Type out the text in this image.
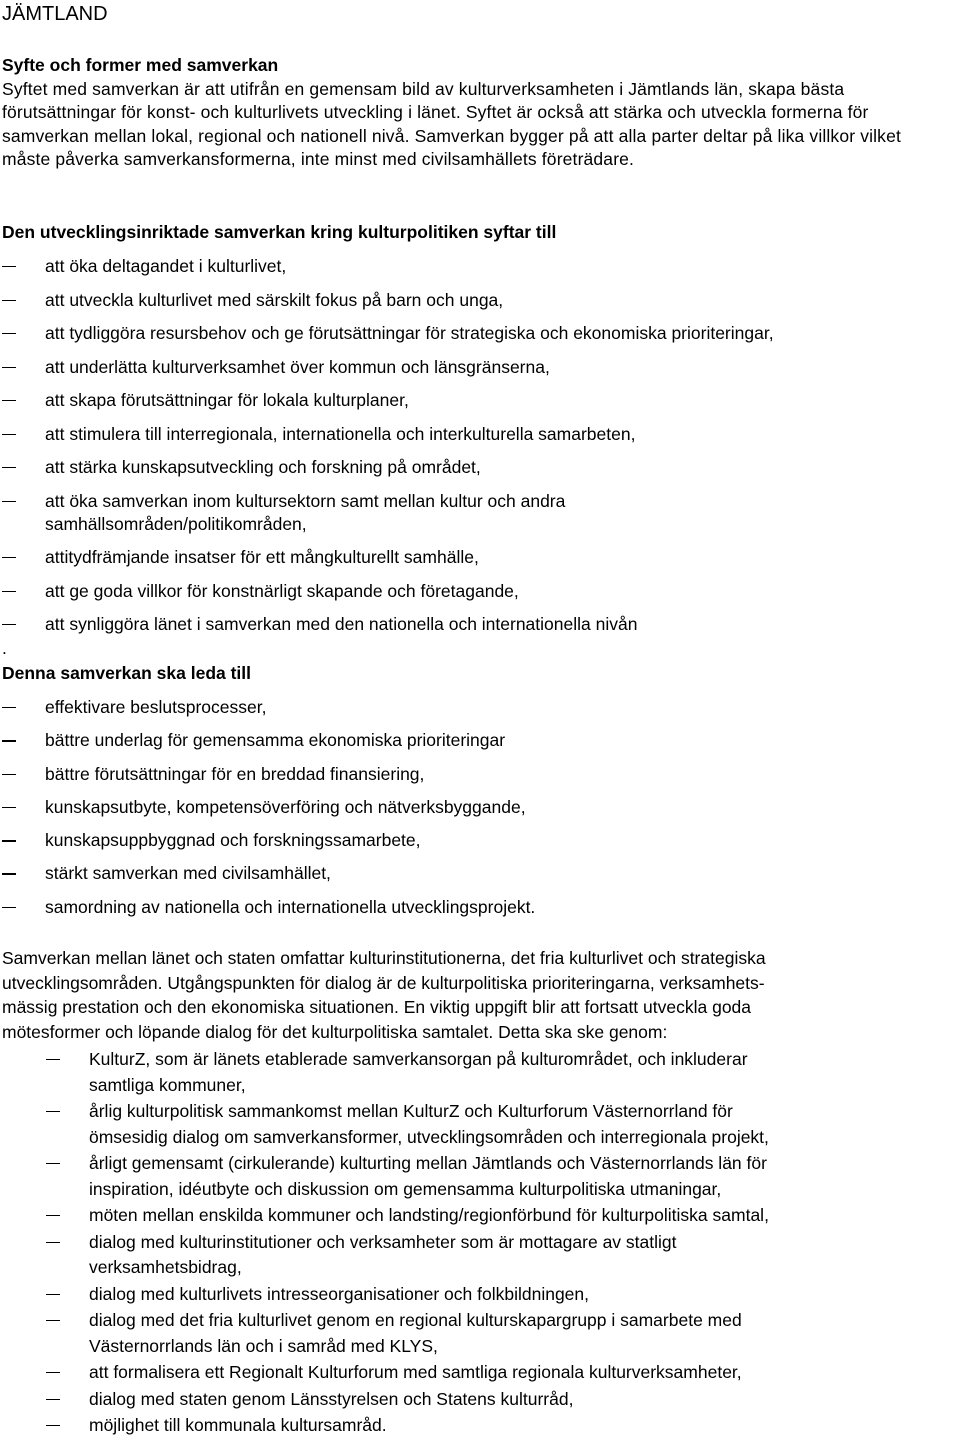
JÄMTLAND
Syfte och former med samverkan
Syftet med samverkan är att utifrån en gemensam bild av kulturverksamheten i Jämtlands län, skapa bästa förutsättningar för konst- och kulturlivets utveckling i länet. Syftet är också att stärka och utveckla formerna för samverkan mellan lokal, regional och nationell nivå. Samverkan bygger på att alla parter deltar på lika villkor vilket måste påverka samverkansformerna, inte minst med civilsamhällets företrädare.
Den utvecklingsinriktade samverkan kring kulturpolitiken syftar till
att öka deltagandet i kulturlivet,
att utveckla kulturlivet med särskilt fokus på barn och unga,
att tydliggöra resursbehov och ge förutsättningar för strategiska och ekonomiska prioriteringar,
att underlätta kulturverksamhet över kommun och länsgränserna,
att skapa förutsättningar för lokala kulturplaner,
att stimulera till interregionala, internationella och interkulturella samarbeten,
att stärka kunskapsutveckling och forskning på området,
att öka samverkan inom kultursektorn samt mellan kultur och andra samhällsområden/politikområden,
attitydfrämjande insatser för ett mångkulturellt samhälle,
att ge goda villkor för konstnärligt skapande och företagande,
att synliggöra länet i samverkan med den nationella och internationella nivån
.
Denna samverkan ska leda till
effektivare beslutsprocesser,
bättre underlag för gemensamma ekonomiska prioriteringar
bättre förutsättningar för en breddad finansiering,
kunskapsutbyte, kompetensöverföring och nätverksbyggande,
kunskapsuppbyggnad och forskningssamarbete,
stärkt samverkan med civilsamhället,
samordning av nationella och internationella utvecklingsprojekt.
Samverkan mellan länet och staten omfattar kulturinstitutionerna, det fria kulturlivet och strategiska
utvecklingsområden. Utgångspunkten för dialog är de kulturpolitiska prioriteringarna, verksamhets-
mässig prestation och den ekonomiska situationen. En viktig uppgift blir att fortsatt utveckla goda
mötesformer och löpande dialog för det kulturpolitiska samtalet. Detta ska ske genom:
KulturZ, som är länets etablerade samverkansorgan på kulturområdet, och inkluderar
samtliga kommuner,
årlig kulturpolitisk sammankomst mellan KulturZ och Kulturforum Västernorrland för
ömsesidig dialog om samverkansformer, utvecklingsområden och interregionala projekt,
årligt gemensamt (cirkulerande) kulturting mellan Jämtlands och Västernorrlands län för
inspiration, idéutbyte och diskussion om gemensamma kulturpolitiska utmaningar,
möten mellan enskilda kommuner och landsting/regionförbund för kulturpolitiska samtal,
dialog med kulturinstitutioner och verksamheter som är mottagare av statligt
verksamhetsbidrag,
dialog med kulturlivets intresseorganisationer och folkbildningen,
dialog med det fria kulturlivet genom en regional kulturskapargrupp i samarbete med
Västernorrlands län och i samråd med KLYS,
att formalisera ett Regionalt Kulturforum med samtliga regionala kulturverksamheter,
dialog med staten genom Länsstyrelsen och Statens kulturråd,
möjlighet till kommunala kultursamråd.
